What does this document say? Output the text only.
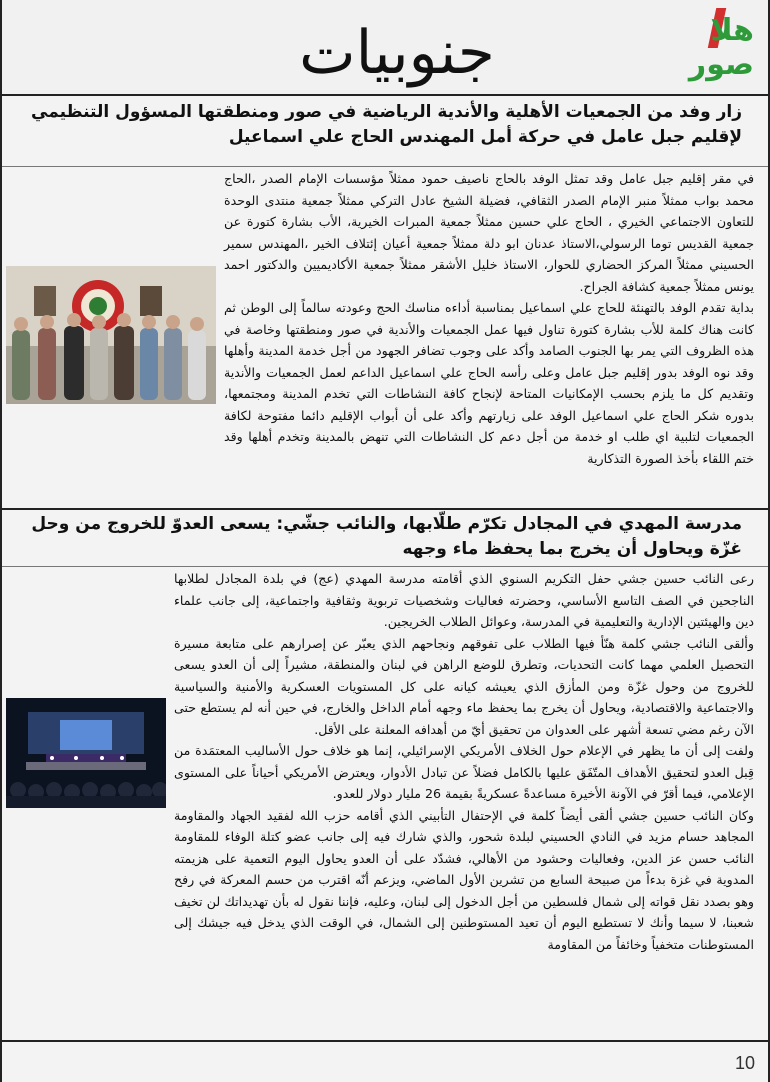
جنوبيات	هلا صور
زار وفد من الجمعيات الأهلية والأندية الرياضية في صور ومنطقتها المسؤول التنظيمي لإقليم جبل عامل في حركة أمل المهندس الحاج علي اسماعيل

في مقر إقليم جبل عامل وقد تمثل الوفد بالحاج ناصيف حمود ممثلاً مؤسسات الإمام الصدر ،الحاج محمد بواب ممثلاً منبر الإمام الصدر الثقافي، فضيلة الشيخ عادل التركي ممثلاً جمعية منتدى الوحدة للتعاون الاجتماعي الخيري ، الحاج علي حسين ممثلاً جمعية المبرات الخيرية، الأب بشارة كتورة عن جمعية القديس توما الرسولي،الاستاذ عدنان ابو دلة ممثلاً جمعية أعيان إئتلاف الخير ،المهندس سمير الحسيني ممثلاً المركز الحضاري للحوار، الاستاذ خليل الأشقر ممثلاً جمعية الأكاديميين والدكتور احمد يونس ممثلاً جمعية كشافة الجراح.

بداية تقدم الوفد بالتهنئة للحاج علي اسماعيل بمناسبة أداءه مناسك الحج وعودته سالماً إلى الوطن ثم كانت هناك كلمة للأب بشارة كتورة تناول فيها عمل الجمعيات والأندية في صور ومنطقتها وخاصة في هذه الظروف التي يمر بها الجنوب الصامد وأكد على وجوب تضافر الجهود من أجل خدمة المدينة وأهلها وقد نوه الوفد بدور إقليم جبل عامل وعلى رأسه الحاج علي اسماعيل الداعم لعمل الجمعيات والأندية وتقديم كل ما يلزم بحسب الإمكانيات المتاحة لإنجاح كافة النشاطات التي تخدم المدينة ومجتمعها، بدوره شكر الحاج علي اسماعيل الوفد على زيارتهم وأكد على أن أبواب الإقليم دائما مفتوحة لكافة الجمعيات لتلبية اي طلب او خدمة من أجل دعم كل النشاطات التي تنهض بالمدينة وتخدم أهلها وقد ختم اللقاء بأخذ الصورة التذكارية

مدرسة المهدي في المجادل تكرّم طلّابها، والنائب جشّي: يسعى العدوّ للخروج من وحل غزّة ويحاول أن يخرج بما يحفظ ماء وجهه

رعى النائب حسين جشي حفل التكريم السنوي الذي أقامته مدرسة المهدي (عج) في بلدة المجادل لطلابها الناجحين في الصف التاسع الأساسي، وحضرته فعاليات وشخصيات تربوية وثقافية واجتماعية، إلى جانب علماء دين والهيئتين الإدارية والتعليمية في المدرسة، وعوائل الطلاب الخريجين.

وألقى النائب جشي كلمة هنّأ فيها الطلاب على تفوقهم ونجاحهم الذي يعبّر عن إصرارهم على متابعة مسيرة التحصيل العلمي مهما كانت التحديات، وتطرق للوضع الراهن في لبنان والمنطقة، مشيراً إلى أن العدو يسعى للخروج من وحول غزّة ومن المأزق الذي يعيشه كيانه على كل المستويات العسكرية والأمنية والسياسية والاجتماعية والاقتصادية، ويحاول أن يخرج بما يحفظ ماء وجهه أمام الداخل والخارج، في حين أنه لم يستطع حتى الآن رغم مضي تسعة أشهر على العدوان من تحقيق أيّ من أهدافه المعلنة على الأقل.

ولفت إلى أن ما يظهر في الإعلام حول الخلاف الأمريكي الإسرائيلي، إنما هو خلاف حول الأساليب المعتمَدة من قِبل العدو لتحقيق الأهداف المتّفَق عليها بالكامل فضلاً عن تبادل الأدوار، ويعترض الأمريكي أحياناً على المستوى الإعلامي، فيما أقرّ في الآونة الأخيرة مساعدةً عسكريةً بقيمة 26 مليار دولار للعدو.

وكان النائب حسين جشي ألقى أيضاً كلمة في الإحتفال التأبيني الذي أقامه حزب الله لفقيد الجهاد والمقاومة المجاهد حسام مزيد في النادي الحسيني لبلدة شحور، والذي شارك فيه إلى جانب عضو كتلة الوفاء للمقاومة النائب حسن عز الدين، وفعاليات وحشود من الأهالي، فشدّد على أن العدو يحاول اليوم التعمية على هزيمته المدوية في غزة بدءاً من صبيحة السابع من تشرين الأول الماضي، ويزعم أنّه اقترب من حسم المعركة في رفح وهو بصدد نقل قواته إلى شمال فلسطين من أجل الدخول إلى لبنان، وعليه، فإننا نقول له بأن تهديداتك لن تخيف شعبنا، لا سيما وأنك لا تستطيع اليوم أن تعيد المستوطنين إلى الشمال، في الوقت الذي يدخل فيه جيشك إلى المستوطنات متخفياً وخائفاً من المقاومة

10
